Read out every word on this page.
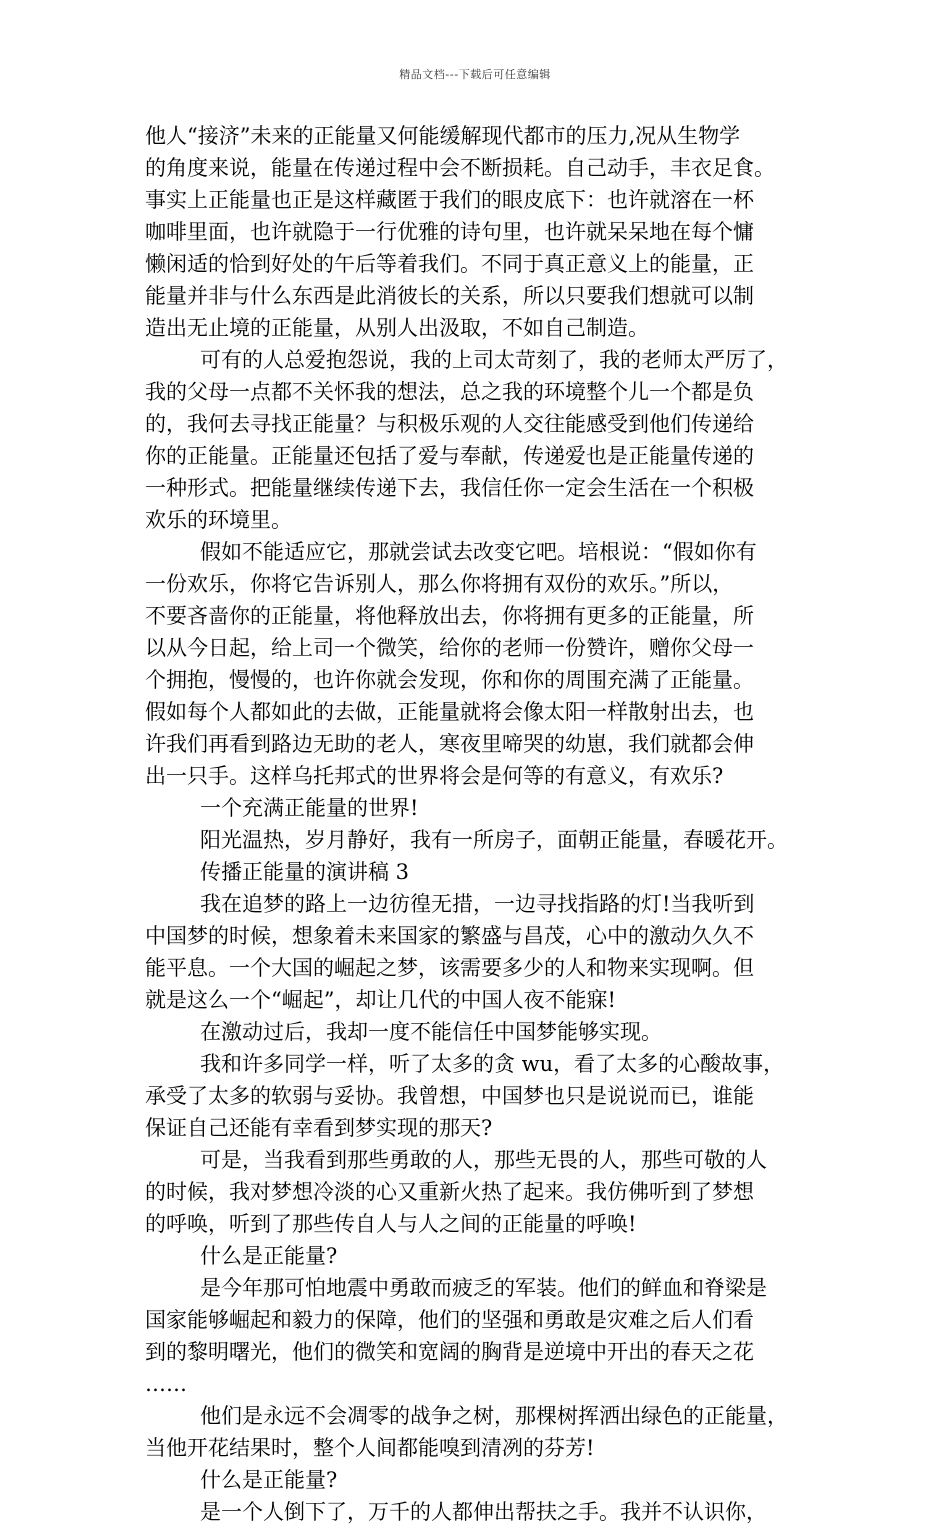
精品文档---下载后可任意编辑
他人“接济”未来的正能量又何能缓解现代都市的压力,况从生物学
的角度来说，能量在传递过程中会不断损耗。自己动手，丰衣足食。
事实上正能量也正是这样藏匿于我们的眼皮底下：也许就溶在一杯
咖啡里面，也许就隐于一行优雅的诗句里，也许就呆呆地在每个慵
懒闲适的恰到好处的午后等着我们。不同于真正意义上的能量，正
能量并非与什么东西是此消彼长的关系，所以只要我们想就可以制
造出无止境的正能量，从别人出汲取，不如自己制造。
可有的人总爱抱怨说，我的上司太苛刻了，我的老师太严厉了，
我的父母一点都不关怀我的想法，总之我的环境整个儿一个都是负
的，我何去寻找正能量？与积极乐观的人交往能感受到他们传递给
你的正能量。正能量还包括了爱与奉献，传递爱也是正能量传递的
一种形式。把能量继续传递下去，我信任你一定会生活在一个积极
欢乐的环境里。
假如不能适应它，那就尝试去改变它吧。培根说：“假如你有
一份欢乐，你将它告诉别人，那么你将拥有双份的欢乐。”所以，
不要吝啬你的正能量，将他释放出去，你将拥有更多的正能量，所
以从今日起，给上司一个微笑，给你的老师一份赞许，赠你父母一
个拥抱，慢慢的，也许你就会发现，你和你的周围充满了正能量。
假如每个人都如此的去做，正能量就将会像太阳一样散射出去，也
许我们再看到路边无助的老人，寒夜里啼哭的幼崽，我们就都会伸
出一只手。这样乌托邦式的世界将会是何等的有意义，有欢乐?
一个充满正能量的世界!
阳光温热，岁月静好，我有一所房子，面朝正能量，春暖花开。
传播正能量的演讲稿 3
我在追梦的路上一边彷徨无措，一边寻找指路的灯!当我听到
中国梦的时候，想象着未来国家的繁盛与昌茂，心中的激动久久不
能平息。一个大国的崛起之梦，该需要多少的人和物来实现啊。但
就是这么一个“崛起”，却让几代的中国人夜不能寐!
在激动过后，我却一度不能信任中国梦能够实现。
我和许多同学一样，听了太多的贪 wu，看了太多的心酸故事，
承受了太多的软弱与妥协。我曾想，中国梦也只是说说而已，谁能
保证自己还能有幸看到梦实现的那天?
可是，当我看到那些勇敢的人，那些无畏的人，那些可敬的人
的时候，我对梦想冷淡的心又重新火热了起来。我仿佛听到了梦想
的呼唤，听到了那些传自人与人之间的正能量的呼唤!
什么是正能量?
是今年那可怕地震中勇敢而疲乏的军装。他们的鲜血和脊梁是
国家能够崛起和毅力的保障，他们的坚强和勇敢是灾难之后人们看
到的黎明曙光，他们的微笑和宽阔的胸背是逆境中开出的春天之花
……
他们是永远不会凋零的战争之树，那棵树挥洒出绿色的正能量，
当他开花结果时，整个人间都能嗅到清冽的芬芳!
什么是正能量?
是一个人倒下了，万千的人都伸出帮扶之手。我并不认识你，
